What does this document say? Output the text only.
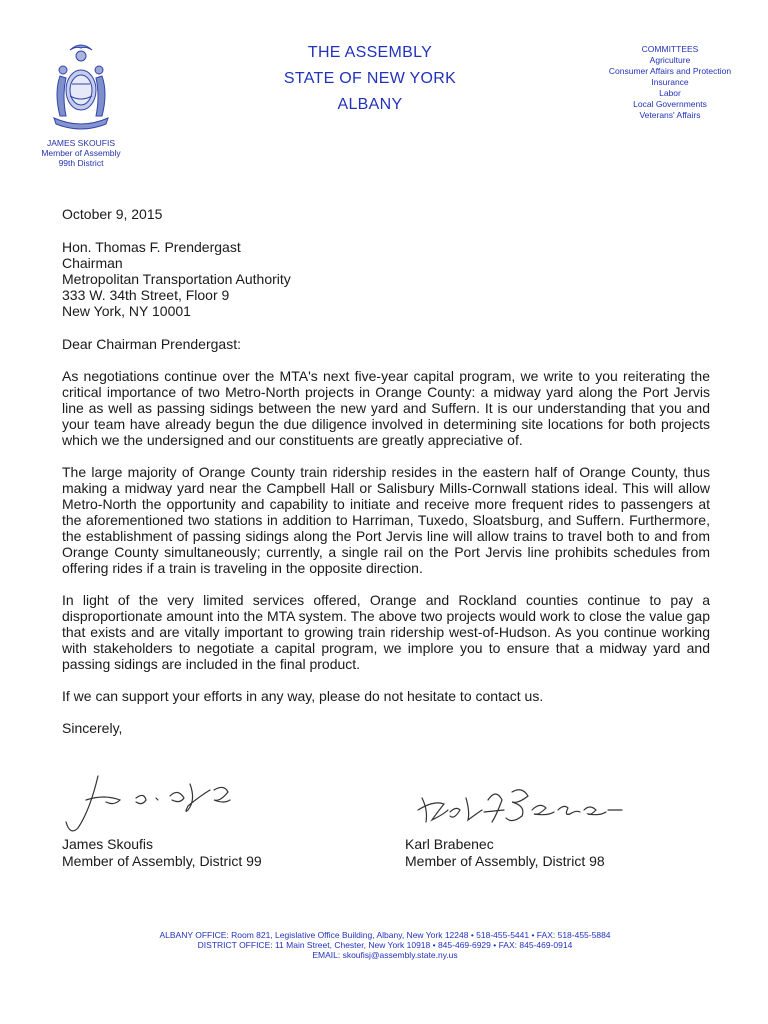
JAMES SKOUFIS
Member of Assembly
99th District
THE ASSEMBLY
STATE OF NEW YORK
ALBANY
COMMITTEES
Agriculture
Consumer Affairs and Protection
Insurance
Labor
Local Governments
Veterans' Affairs
October 9, 2015
Hon. Thomas F. Prendergast
Chairman
Metropolitan Transportation Authority
333 W. 34th Street, Floor 9
New York, NY 10001
Dear Chairman Prendergast:

As negotiations continue over the MTA's next five-year capital program, we write to you reiterating the critical importance of two Metro-North projects in Orange County: a midway yard along the Port Jervis line as well as passing sidings between the new yard and Suffern. It is our understanding that you and your team have already begun the due diligence involved in determining site locations for both projects which we the undersigned and our constituents are greatly appreciative of.

The large majority of Orange County train ridership resides in the eastern half of Orange County, thus making a midway yard near the Campbell Hall or Salisbury Mills-Cornwall stations ideal. This will allow Metro-North the opportunity and capability to initiate and receive more frequent rides to passengers at the aforementioned two stations in addition to Harriman, Tuxedo, Sloatsburg, and Suffern. Furthermore, the establishment of passing sidings along the Port Jervis line will allow trains to travel both to and from Orange County simultaneously; currently, a single rail on the Port Jervis line prohibits schedules from offering rides if a train is traveling in the opposite direction.

In light of the very limited services offered, Orange and Rockland counties continue to pay a disproportionate amount into the MTA system. The above two projects would work to close the value gap that exists and are vitally important to growing train ridership west-of-Hudson. As you continue working with stakeholders to negotiate a capital program, we implore you to ensure that a midway yard and passing sidings are included in the final product.

If we can support your efforts in any way, please do not hesitate to contact us.

Sincerely,

James Skoufis
Member of Assembly, District 99
Karl Brabenec
Member of Assembly, District 98
ALBANY OFFICE: Room 821, Legislative Office Building, Albany, New York 12248 • 518-455-5441 • FAX: 518-455-5884
DISTRICT OFFICE: 11 Main Street, Chester, New York 10918 • 845-469-6929 • FAX: 845-469-0914
EMAIL: skoufisj@assembly.state.ny.us
